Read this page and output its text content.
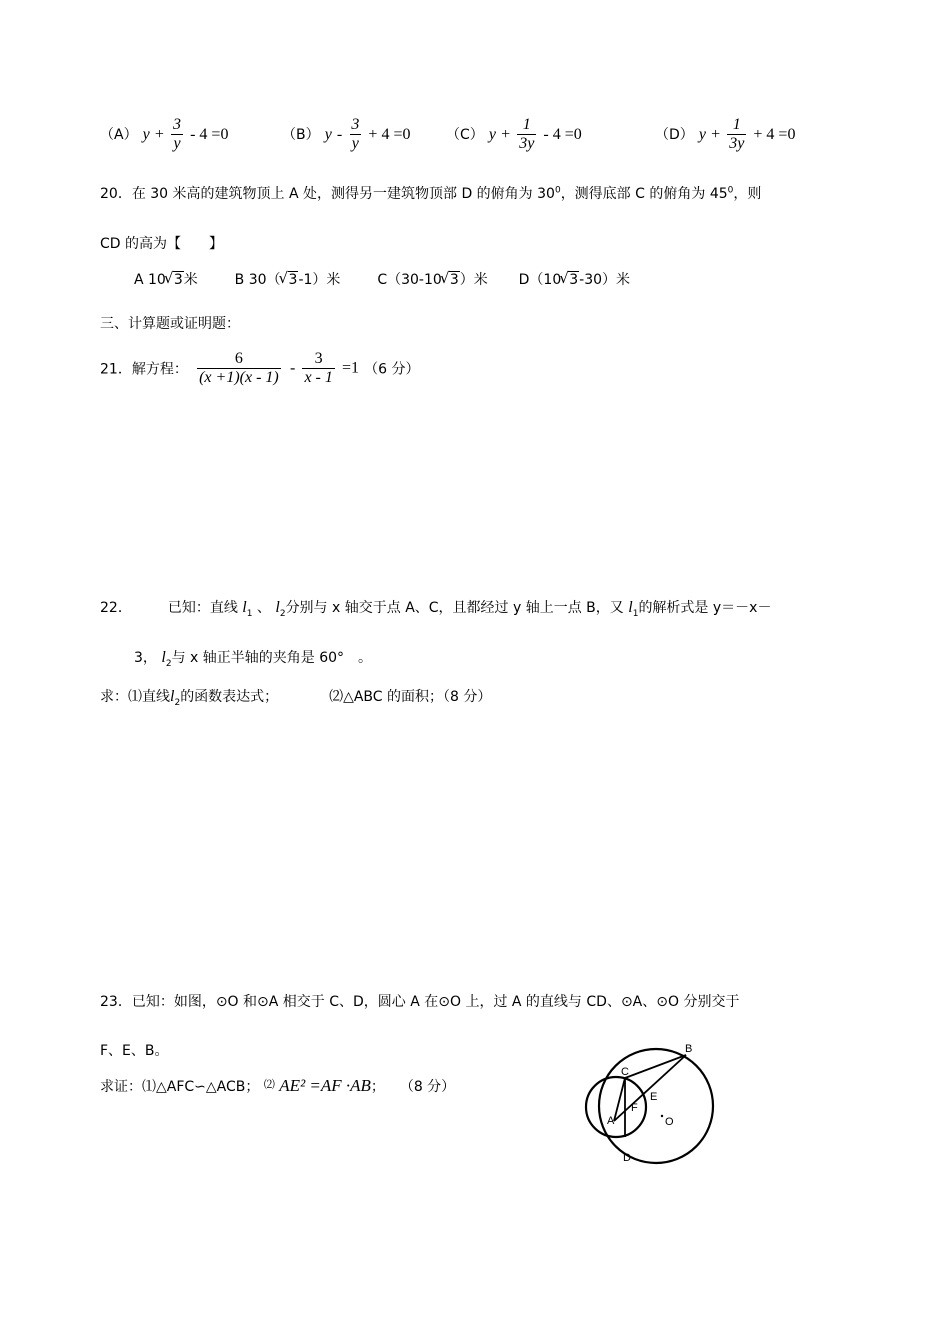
（A） $y + \frac{3}{y} - 4 =0$	（B） $y - \frac{3}{y} + 4 =0$	（C） $y + \frac{1}{3y} - 4 =0$	（D） $y + \frac{1}{3y} + 4 =0$
20．在 30 米高的建筑物顶上 A 处，测得另一建筑物顶部 D 的俯角为 $30^0$，测得底部 C 的俯角为 $45^0$，则
CD 的高为【　　】
A 10 √ 3米	B 30（ √ 3-1）米	C（30-10 √ 3）米 D（10 √ 3-30）米
三、计算题或证明题：
21．解方程： $\frac{6}{(x +1)(x - 1)} - \frac{3}{x - 1} =1$ （6 分）
22．	已知：直线 $l_1$ 、 $l_2$分别与 x 轴交于点 A、C，且都经过 y 轴上一点 B，又 $l_1$的解析式是 y＝－x－
3， $l_2$与 x 轴正半轴的夹角是 60°　。
求：⑴直线$l_2$的函数表达式；	⑵△ABC 的面积；（8 分）
23．已知：如图，⊙O 和⊙A 相交于 C、D，圆心 A 在⊙O 上，过 A 的直线与 CD、⊙A、⊙O 分别交于
F、E、B。
求证：⑴△AFC∽△ACB； ⑵ AE² =AF ·AB； （8 分）
B
C
E
F
A	O
D
